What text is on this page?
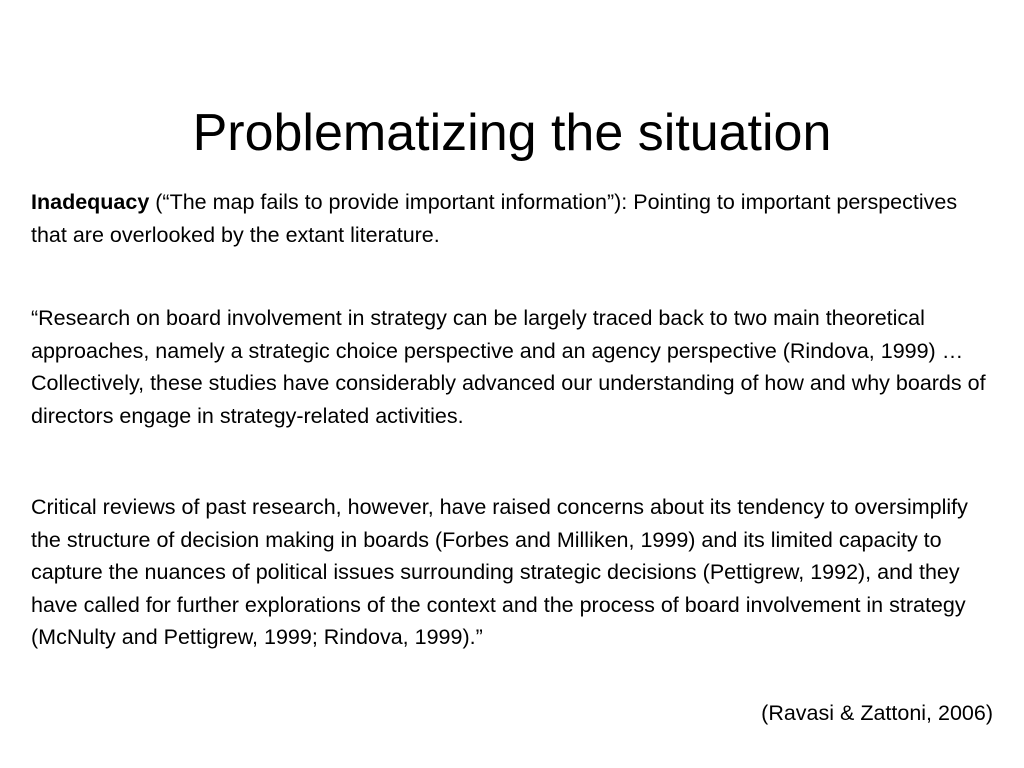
Problematizing the situation
Inadequacy (“The map fails to provide important information”): Pointing to important perspectives that are overlooked by the extant literature.
“Research on board involvement in strategy can be largely traced back to two main theoretical approaches, namely a strategic choice perspective and an agency perspective (Rindova, 1999) … Collectively, these studies have considerably advanced our understanding of how and why boards of directors engage in strategy-related activities.
Critical reviews of past research, however, have raised concerns about its tendency to oversimplify the structure of decision making in boards (Forbes and Milliken, 1999) and its limited capacity to capture the nuances of political issues surrounding strategic decisions (Pettigrew, 1992), and they have called for further explorations of the context and the process of board involvement in strategy (McNulty and Pettigrew, 1999; Rindova, 1999).”
(Ravasi & Zattoni, 2006)
